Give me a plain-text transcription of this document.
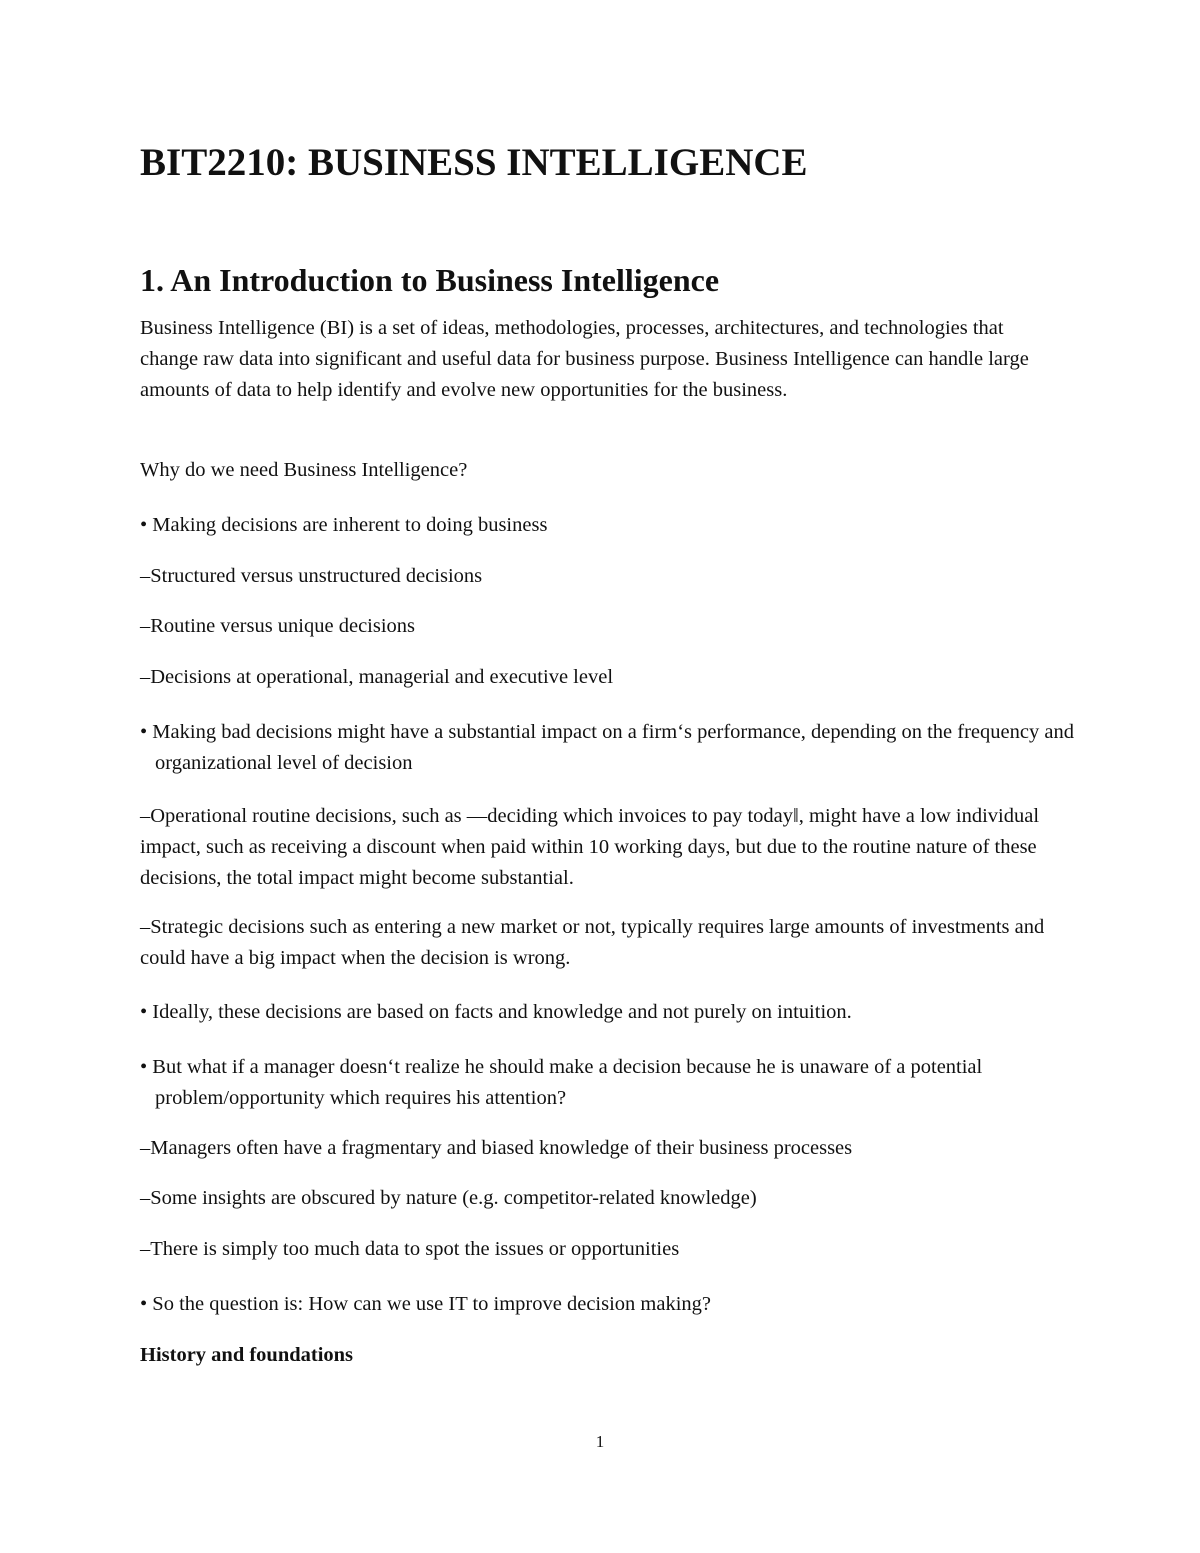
BIT2210: BUSINESS INTELLIGENCE
1. An Introduction to Business Intelligence
Business Intelligence (BI) is a set of ideas, methodologies, processes, architectures, and technologies that change raw data into significant and useful data for business purpose. Business Intelligence can handle large amounts of data to help identify and evolve new opportunities for the business.
Why do we need Business Intelligence?
• Making decisions are inherent to doing business
–Structured versus unstructured decisions
–Routine versus unique decisions
–Decisions at operational, managerial and executive level
• Making bad decisions might have a substantial impact on a firm‘s performance, depending on the frequency and organizational level of decision
–Operational routine decisions, such as —deciding which invoices to pay today‖, might have a low individual impact, such as receiving a discount when paid within 10 working days, but due to the routine nature of these decisions, the total impact might become substantial.
–Strategic decisions such as entering a new market or not, typically requires large amounts of investments and could have a big impact when the decision is wrong.
• Ideally, these decisions are based on facts and knowledge and not purely on intuition.
• But what if a manager doesn‘t realize he should make a decision because he is unaware of a potential problem/opportunity which requires his attention?
–Managers often have a fragmentary and biased knowledge of their business processes
–Some insights are obscured by nature (e.g. competitor-related knowledge)
–There is simply too much data to spot the issues or opportunities
• So the question is: How can we use IT to improve decision making?
History and foundations
1
